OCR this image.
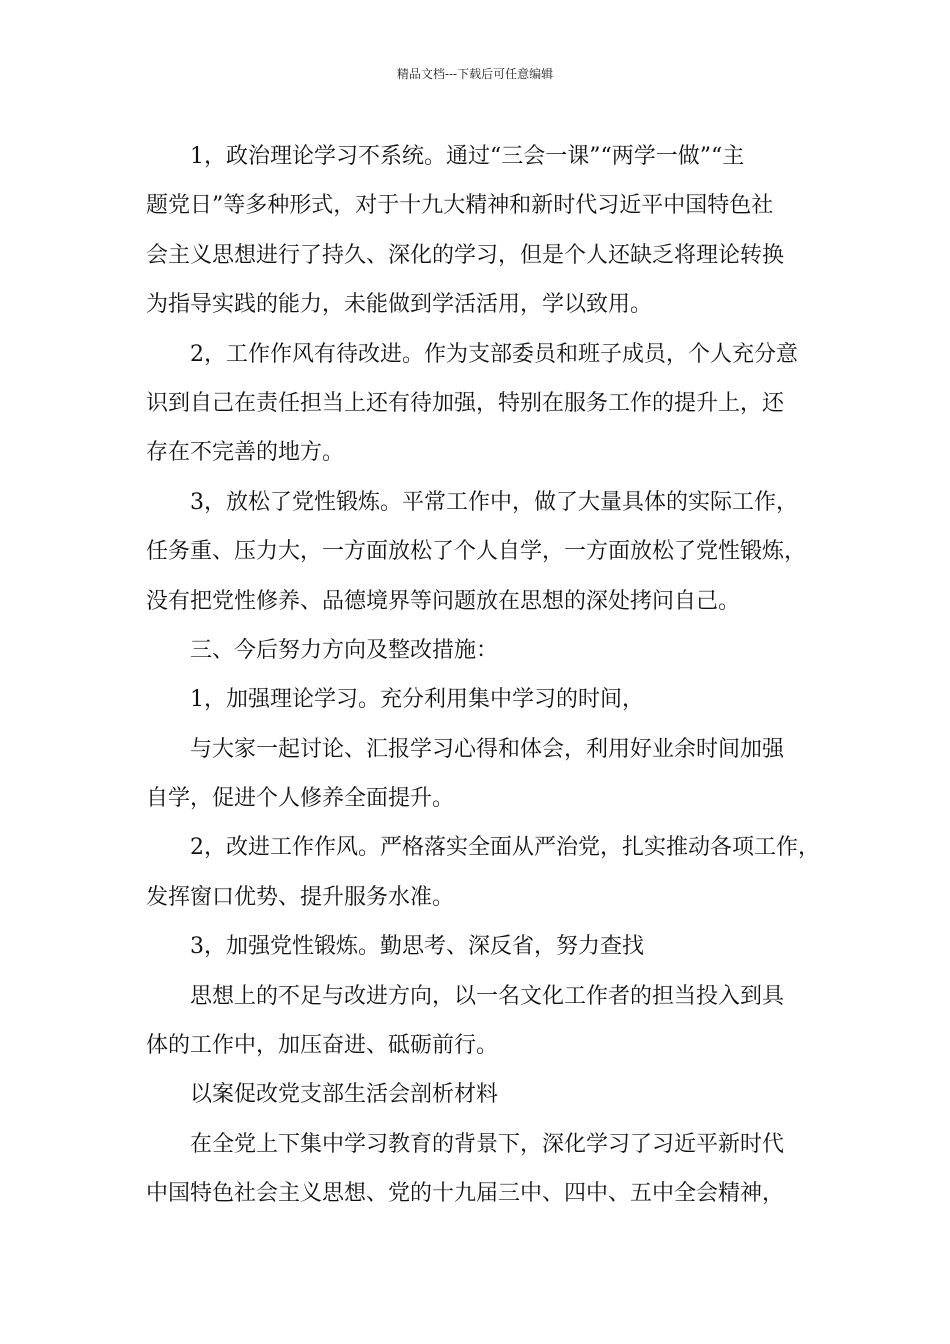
精品文档---下载后可任意编辑
1，政治理论学习不系统。通过“三会一课”“两学一做”“主
题党日”等多种形式，对于十九大精神和新时代习近平中国特色社
会主义思想进行了持久、深化的学习，但是个人还缺乏将理论转换
为指导实践的能力，未能做到学活活用，学以致用。
2，工作作风有待改进。作为支部委员和班子成员，个人充分意
识到自己在责任担当上还有待加强，特别在服务工作的提升上，还
存在不完善的地方。
3，放松了党性锻炼。平常工作中，做了大量具体的实际工作，
任务重、压力大，一方面放松了个人自学，一方面放松了党性锻炼，
没有把党性修养、品德境界等问题放在思想的深处拷问自己。
三、今后努力方向及整改措施：
1，加强理论学习。充分利用集中学习的时间，
与大家一起讨论、汇报学习心得和体会，利用好业余时间加强
自学，促进个人修养全面提升。
2，改进工作作风。严格落实全面从严治党，扎实推动各项工作，
发挥窗口优势、提升服务水准。
3，加强党性锻炼。勤思考、深反省，努力查找
思想上的不足与改进方向，以一名文化工作者的担当投入到具
体的工作中，加压奋进、砥砺前行。
以案促改党支部生活会剖析材料
在全党上下集中学习教育的背景下，深化学习了习近平新时代
中国特色社会主义思想、党的十九届三中、四中、五中全会精神，
